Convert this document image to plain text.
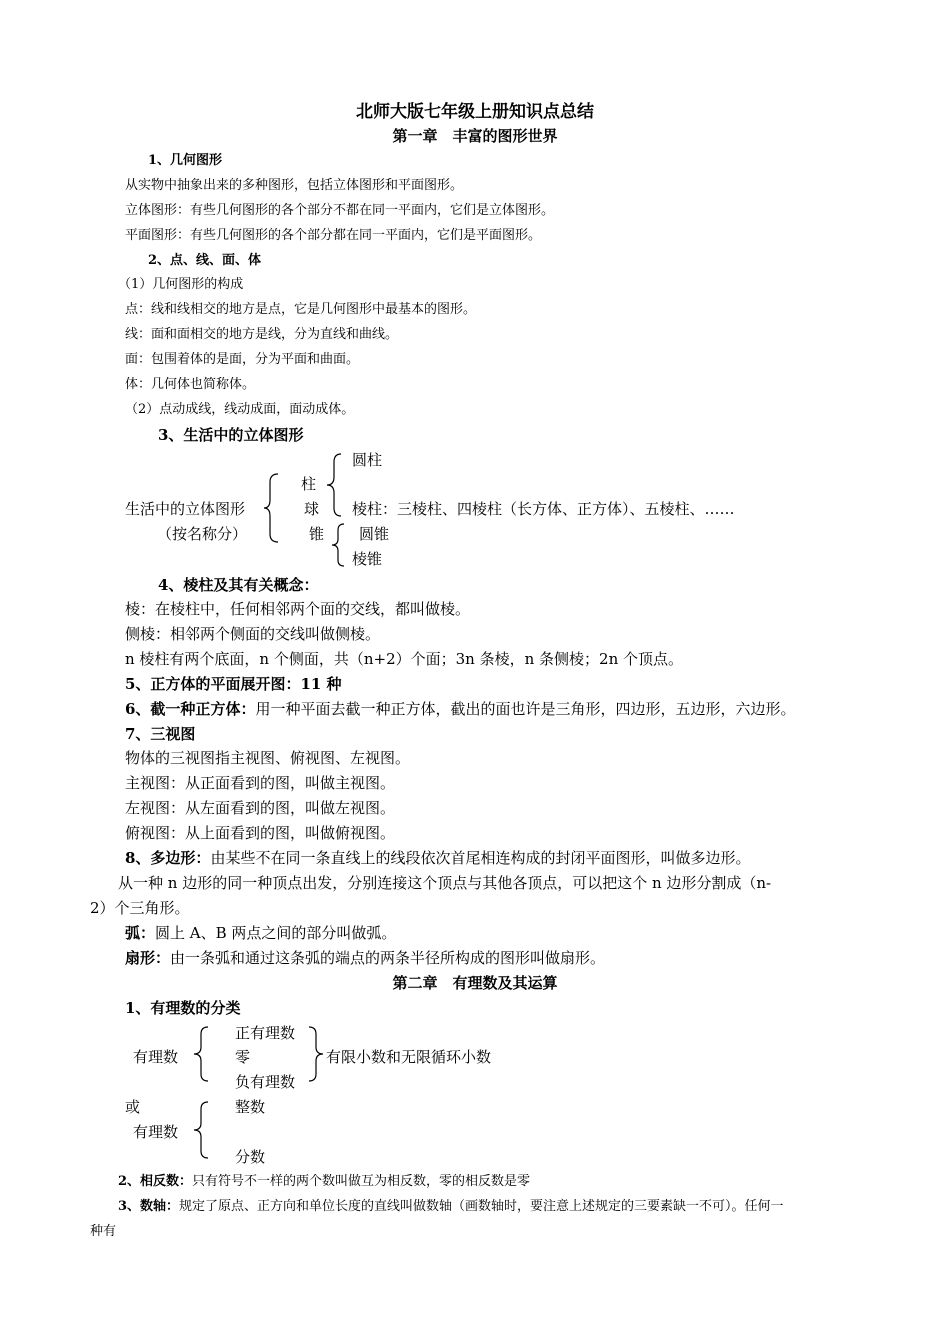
北师大版七年级上册知识点总结
第一章　丰富的图形世界
1、几何图形
从实物中抽象出来的多种图形，包括立体图形和平面图形。
立体图形：有些几何图形的各个部分不都在同一平面内，它们是立体图形。
平面图形：有些几何图形的各个部分都在同一平面内，它们是平面图形。
2、点、线、面、体
（1）几何图形的构成
点：线和线相交的地方是点，它是几何图形中最基本的图形。
线：面和面相交的地方是线，分为直线和曲线。
面：包围着体的是面，分为平面和曲面。
体：几何体也简称体。
（2）点动成线，线动成面，面动成体。
3、生活中的立体图形
生活中的立体图形
（按名称分）
柱
球
锥
圆柱
棱柱：三棱柱、四棱柱（长方体、正方体）、五棱柱、……
圆锥
棱锥
4、棱柱及其有关概念：
棱：在棱柱中，任何相邻两个面的交线，都叫做棱。
侧棱：相邻两个侧面的交线叫做侧棱。
n 棱柱有两个底面，n 个侧面，共（n+2）个面；3n 条棱，n 条侧棱；2n 个顶点。
5、正方体的平面展开图：11 种
6、截一种正方体：用一种平面去截一种正方体，截出的面也许是三角形，四边形，五边形，六边形。
7、三视图
物体的三视图指主视图、俯视图、左视图。
主视图：从正面看到的图，叫做主视图。
左视图：从左面看到的图，叫做左视图。
俯视图：从上面看到的图，叫做俯视图。
8、多边形：由某些不在同一条直线上的线段依次首尾相连构成的封闭平面图形，叫做多边形。
从一种 n 边形的同一种顶点出发，分别连接这个顶点与其他各顶点，可以把这个 n 边形分割成（n-
2）个三角形。
弧：圆上 A、B 两点之间的部分叫做弧。
扇形：由一条弧和通过这条弧的端点的两条半径所构成的图形叫做扇形。
第二章　有理数及其运算
1、有理数的分类
有理数
正有理数
零
负有理数
有限小数和无限循环小数
或
有理数
整数
分数
2、相反数：只有符号不一样的两个数叫做互为相反数，零的相反数是零
3、数轴：规定了原点、正方向和单位长度的直线叫做数轴（画数轴时，要注意上述规定的三要素缺一不可）。任何一
种有
